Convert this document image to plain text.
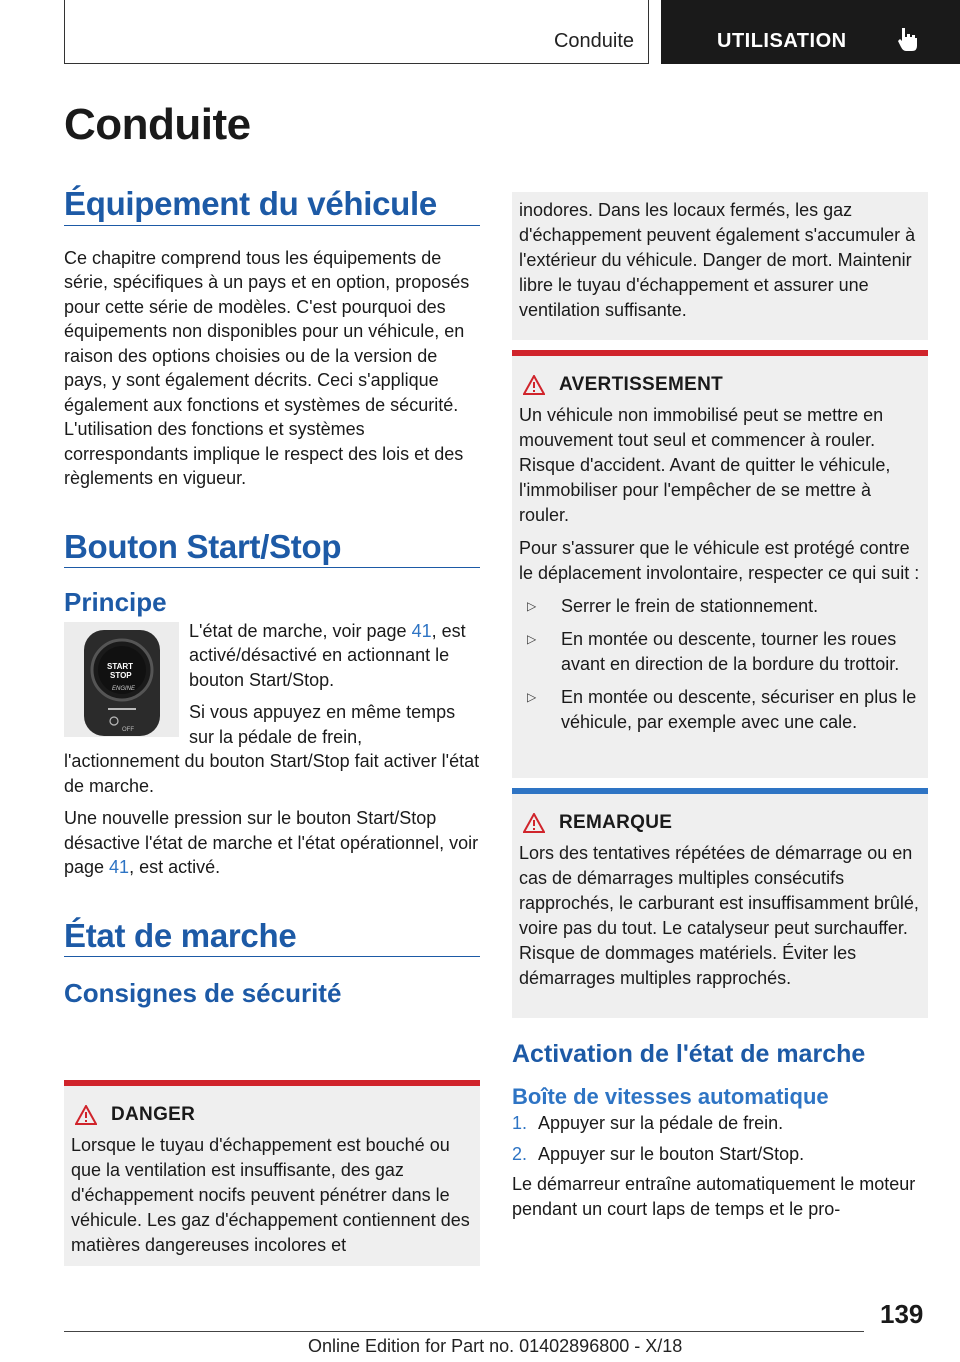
Conduite	UTILISATION
Conduite
Équipement du véhicule

Ce chapitre comprend tous les équipements de série, spécifiques à un pays et en option, proposés pour cette série de modèles. C'est pourquoi des équipements non disponibles pour un véhicule, en raison des options choisies ou de la version de pays, y sont également décrits. Ceci s'applique également aux fonctions et systèmes de sécurité. L'utilisation des fonctions et systèmes correspondants implique le respect des lois et des règlements en vigueur.

Bouton Start/Stop
Principe
START
STOP
ENGINE
OFF

L'état de marche, voir page 41, est activé/désactivé en actionnant le bouton Start/Stop.

Si vous appuyez en même temps sur la pédale de frein, l'actionnement du bouton Start/Stop fait activer l'état de marche.

Une nouvelle pression sur le bouton Start/Stop désactive l'état de marche et l'état opérationnel, voir page 41, est activé.

État de marche
Consignes de sécurité
DANGER

Lorsque le tuyau d'échappement est bouché ou que la ventilation est insuffisante, des gaz d'échappement nocifs peuvent pénétrer dans le véhicule. Les gaz d'échappement contiennent des matières dangereuses incolores et

inodores. Dans les locaux fermés, les gaz d'échappement peuvent également s'accumuler à l'extérieur du véhicule. Danger de mort. Maintenir libre le tuyau d'échappement et assurer une ventilation suffisante.

AVERTISSEMENT

Un véhicule non immobilisé peut se mettre en mouvement tout seul et commencer à rouler. Risque d'accident. Avant de quitter le véhicule, l'immobiliser pour l'empêcher de se mettre à rouler.

Pour s'assurer que le véhicule est protégé contre le déplacement involontaire, respecter ce qui suit :

▷	Serrer le frein de stationnement.
▷	En montée ou descente, tourner les roues avant en direction de la bordure du trottoir.
▷	En montée ou descente, sécuriser en plus le véhicule, par exemple avec une cale.
REMARQUE

Lors des tentatives répétées de démarrage ou en cas de démarrages multiples consécutifs rapprochés, le carburant est insuffisamment brûlé, voire pas du tout. Le catalyseur peut surchauffer. Risque de dommages matériels. Éviter les démarrages multiples rapprochés.

Activation de l'état de marche
Boîte de vitesses automatique
1. Appuyer sur la pédale de frein.
2. Appuyer sur le bouton Start/Stop.

Le démarreur entraîne automatiquement le moteur pendant un court laps de temps et le pro-

139
Online Edition for Part no. 01402896800 - X/18
